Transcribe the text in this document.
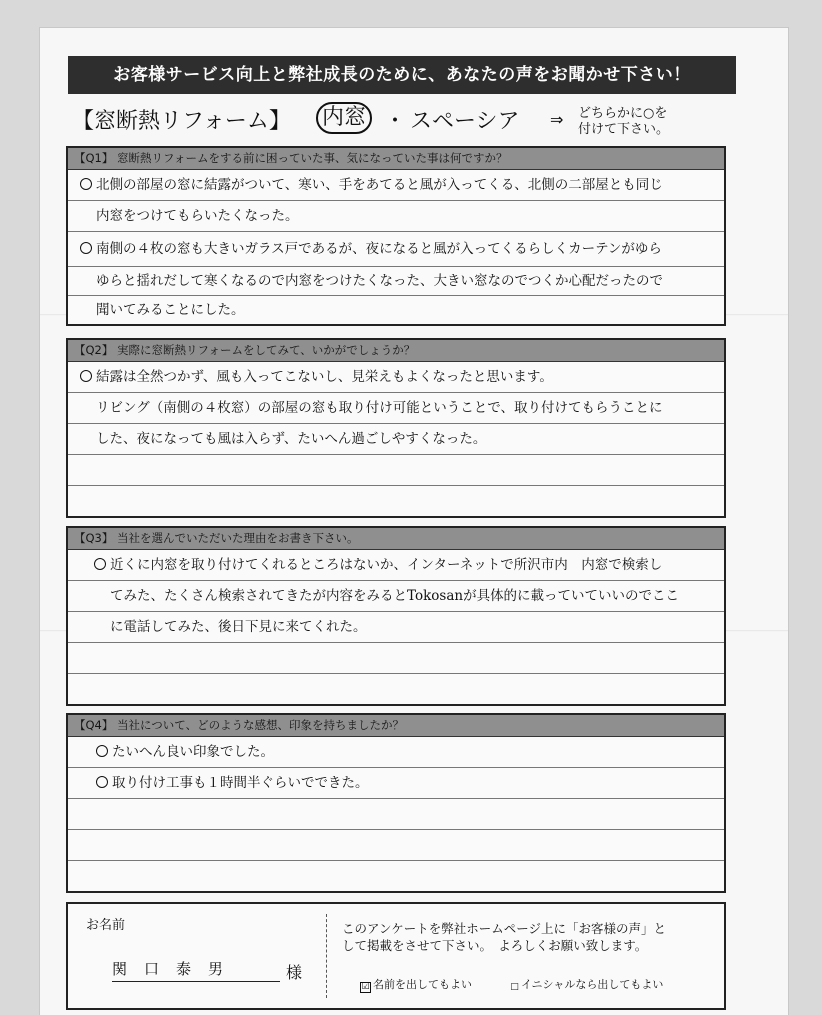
お客様サービス向上と弊社成長のために、あなたの声をお聞かせ下さい！
【窓断熱リフォーム】 内窓 ・ スペーシア ⇒ どちらかに○を
付けて下さい。
【Q1】 窓断熱リフォームをする前に困っていた事、気になっていた事は何ですか？
北側の部屋の窓に結露がついて、寒い、手をあてると風が入ってくる、北側の二部屋とも同じ
内窓をつけてもらいたくなった。
南側の４枚の窓も大きいガラス戸であるが、夜になると風が入ってくるらしくカーテンがゆら
ゆらと揺れだして寒くなるので内窓をつけたくなった、大きい窓なのでつくか心配だったので
聞いてみることにした。
【Q2】 実際に窓断熱リフォームをしてみて、いかがでしょうか？
結露は全然つかず、風も入ってこないし、見栄えもよくなったと思います。
リビング（南側の４枚窓）の部屋の窓も取り付け可能ということで、取り付けてもらうことに
した、夜になっても風は入らず、たいへん過ごしやすくなった。
【Q3】 当社を選んでいただいた理由をお書き下さい。
近くに内窓を取り付けてくれるところはないか、インターネットで所沢市内　内窓で検索し
てみた、たくさん検索されてきたが内容をみるとTokosanが具体的に載っていていいのでここ
に電話してみた、後日下見に来てくれた。
【Q4】 当社について、どのような感想、印象を持ちましたか？
たいへん良い印象でした。
取り付け工事も１時間半ぐらいでできた。
お名前
関口泰男	様
このアンケートを弊社ホームページ上に「お客様の声」と
して掲載をさせて下さい。　よろしくお願い致します。
☑ 名前を出してもよい	□ イニシャルなら出してもよい
